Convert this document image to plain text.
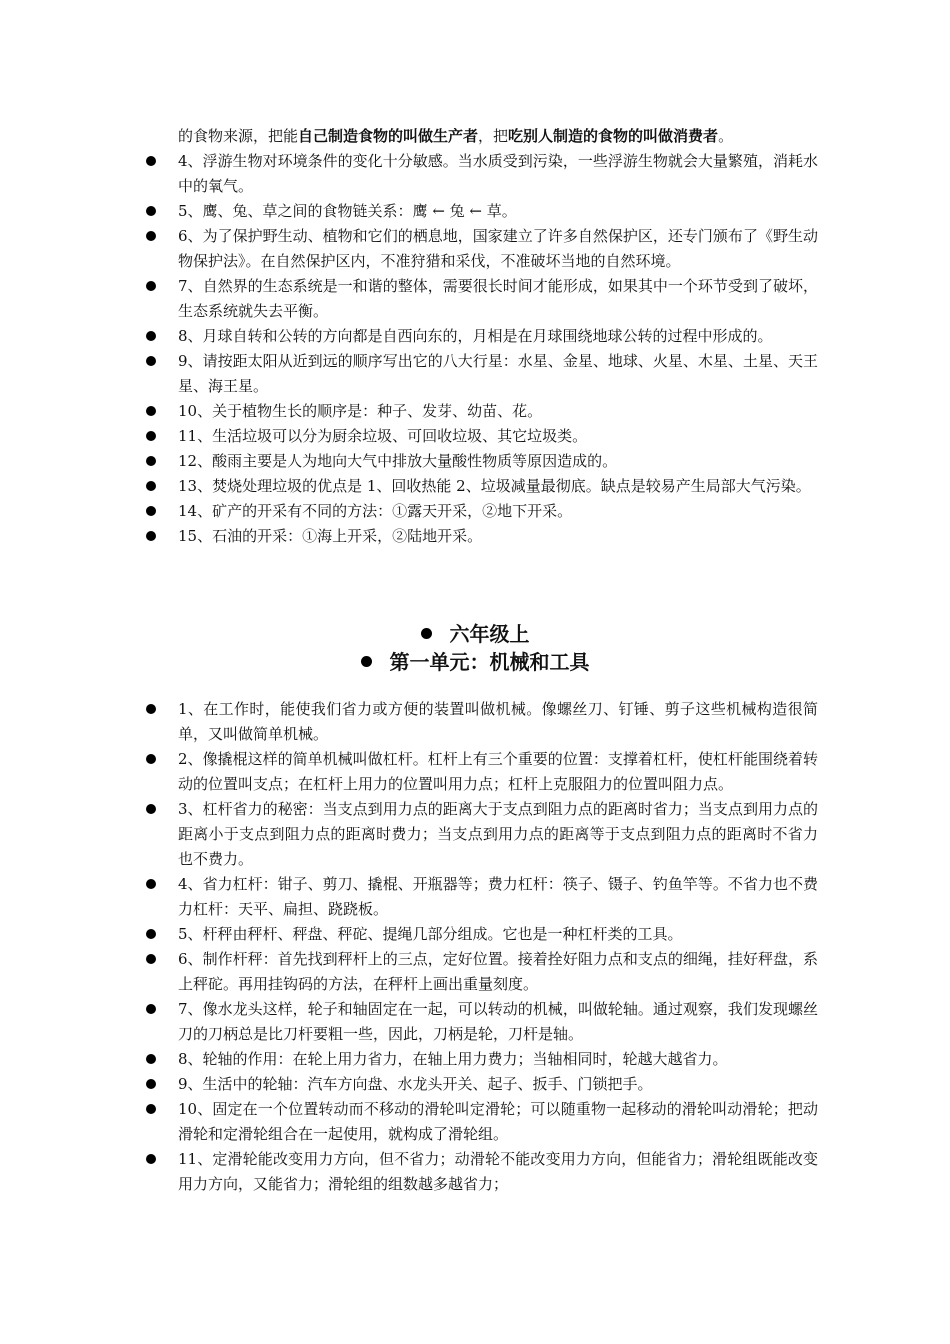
的食物来源，把能自己制造食物的叫做生产者，把吃别人制造的食物的叫做消费者。
4、浮游生物对环境条件的变化十分敏感。当水质受到污染，一些浮游生物就会大量繁殖，消耗水中的氧气。
5、鹰、兔、草之间的食物链关系：鹰 ← 兔 ← 草。
6、为了保护野生动、植物和它们的栖息地，国家建立了许多自然保护区，还专门颁布了《野生动物保护法》。在自然保护区内，不准狩猎和采伐，不准破坏当地的自然环境。
7、自然界的生态系统是一和谐的整体，需要很长时间才能形成，如果其中一个环节受到了破坏，生态系统就失去平衡。
8、月球自转和公转的方向都是自西向东的，月相是在月球围绕地球公转的过程中形成的。
9、请按距太阳从近到远的顺序写出它的八大行星：水星、金星、地球、火星、木星、土星、天王星、海王星。
10、关于植物生长的顺序是：种子、发芽、幼苗、花。
11、生活垃圾可以分为厨余垃圾、可回收垃圾、其它垃圾类。
12、酸雨主要是人为地向大气中排放大量酸性物质等原因造成的。
13、焚烧处理垃圾的优点是 1、回收热能 2、垃圾减量最彻底。缺点是较易产生局部大气污染。
14、矿产的开采有不同的方法：①露天开采，②地下开采。
15、石油的开采：①海上开采，②陆地开采。
六年级上
第一单元：机械和工具
1、在工作时，能使我们省力或方便的装置叫做机械。像螺丝刀、钉锤、剪子这些机械构造很简单，又叫做简单机械。
2、像撬棍这样的简单机械叫做杠杆。杠杆上有三个重要的位置：支撑着杠杆，使杠杆能围绕着转动的位置叫支点；在杠杆上用力的位置叫用力点；杠杆上克服阻力的位置叫阻力点。
3、杠杆省力的秘密：当支点到用力点的距离大于支点到阻力点的距离时省力；当支点到用力点的距离小于支点到阻力点的距离时费力；当支点到用力点的距离等于支点到阻力点的距离时不省力也不费力。
4、省力杠杆：钳子、剪刀、撬棍、开瓶器等；费力杠杆：筷子、镊子、钓鱼竿等。不省力也不费力杠杆：天平、扁担、跷跷板。
5、杆秤由秤杆、秤盘、秤砣、提绳几部分组成。它也是一种杠杆类的工具。
6、制作杆秤：首先找到秤杆上的三点，定好位置。接着拴好阻力点和支点的细绳，挂好秤盘，系上秤砣。再用挂钩码的方法，在秤杆上画出重量刻度。
7、像水龙头这样，轮子和轴固定在一起，可以转动的机械，叫做轮轴。通过观察，我们发现螺丝刀的刀柄总是比刀杆要粗一些，因此，刀柄是轮，刀杆是轴。
8、轮轴的作用：在轮上用力省力，在轴上用力费力；当轴相同时，轮越大越省力。
9、生活中的轮轴：汽车方向盘、水龙头开关、起子、扳手、门锁把手。
10、固定在一个位置转动而不移动的滑轮叫定滑轮；可以随重物一起移动的滑轮叫动滑轮；把动滑轮和定滑轮组合在一起使用，就构成了滑轮组。
11、定滑轮能改变用力方向，但不省力；动滑轮不能改变用力方向，但能省力；滑轮组既能改变用力方向，又能省力；滑轮组的组数越多越省力；
